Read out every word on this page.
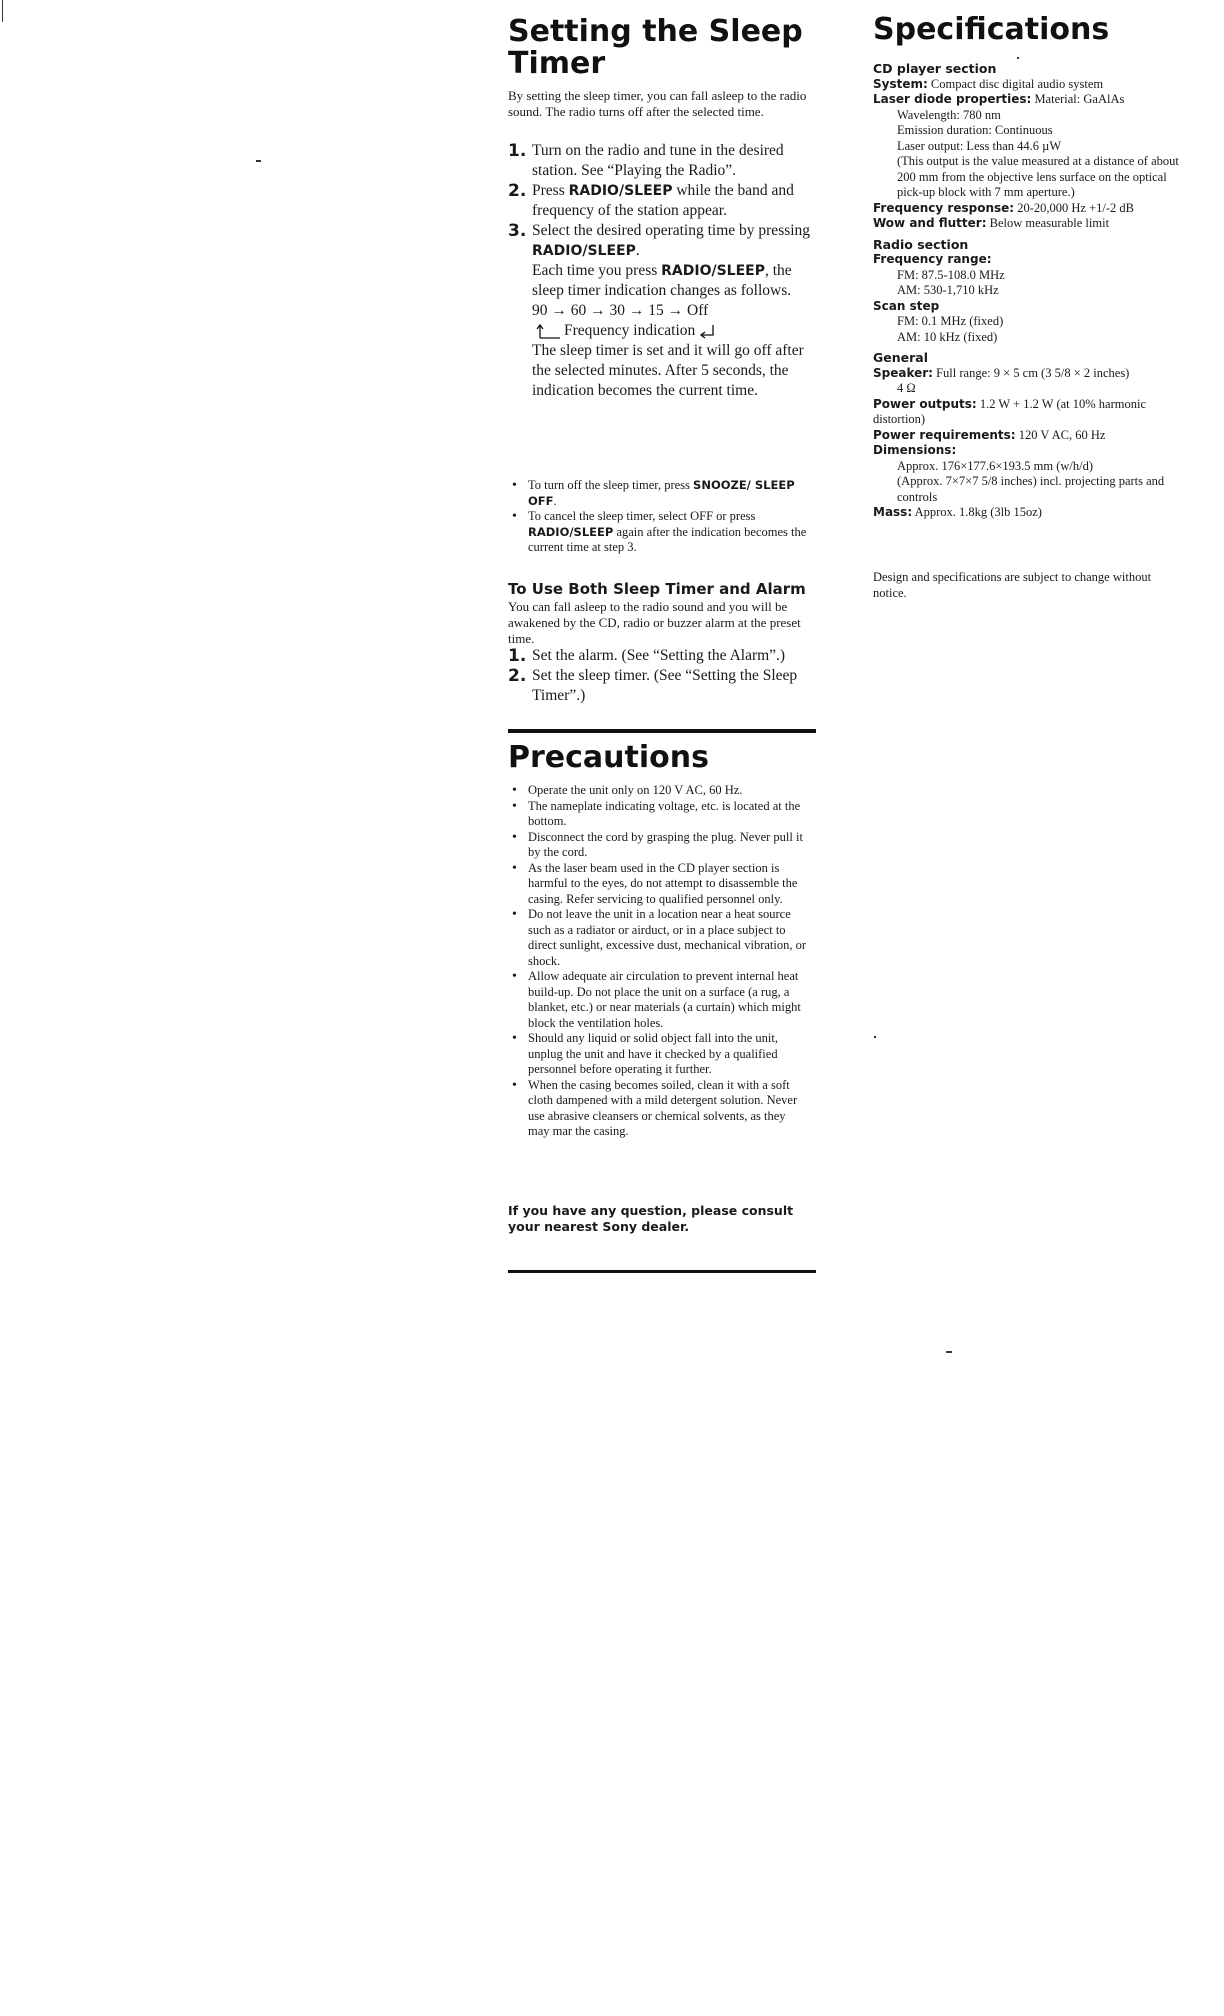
Setting the Sleep Timer
By setting the sleep timer, you can fall asleep to the radio sound. The radio turns off after the selected time.
1. Turn on the radio and tune in the desired station. See “Playing the Radio”.
2. Press RADIO/SLEEP while the band and frequency of the station appear.
3. Select the desired operating time by pressing RADIO/SLEEP.
Each time you press RADIO/SLEEP, the sleep timer indication changes as follows.
90 → 60 → 30 → 15 → Off
Frequency indication
The sleep timer is set and it will go off after the selected minutes. After 5 seconds, the indication becomes the current time.
• To turn off the sleep timer, press SNOOZE/ SLEEP OFF.
• To cancel the sleep timer, select OFF or press RADIO/SLEEP again after the indication becomes the current time at step 3.
To Use Both Sleep Timer and Alarm
You can fall asleep to the radio sound and you will be awakened by the CD, radio or buzzer alarm at the preset time.
1. Set the alarm. (See “Setting the Alarm”.)
2. Set the sleep timer. (See “Setting the Sleep Timer”.)
Precautions
• Operate the unit only on 120 V AC, 60 Hz.
• The nameplate indicating voltage, etc. is located at the bottom.
• Disconnect the cord by grasping the plug. Never pull it by the cord.
• As the laser beam used in the CD player section is harmful to the eyes, do not attempt to disassemble the casing. Refer servicing to qualified personnel only.
• Do not leave the unit in a location near a heat source such as a radiator or airduct, or in a place subject to direct sunlight, excessive dust, mechanical vibration, or shock.
• Allow adequate air circulation to prevent internal heat build-up. Do not place the unit on a surface (a rug, a blanket, etc.) or near materials (a curtain) which might block the ventilation holes.
• Should any liquid or solid object fall into the unit, unplug the unit and have it checked by a qualified personnel before operating it further.
• When the casing becomes soiled, clean it with a soft cloth dampened with a mild detergent solution. Never use abrasive cleansers or chemical solvents, as they may mar the casing.
If you have any question, please consult your nearest Sony dealer.
Specifications

CD player section

System: Compact disc digital audio system

Laser diode properties: Material: GaAlAs

Wavelength: 780 nm

Emission duration: Continuous

Laser output: Less than 44.6 µW

(This output is the value measured at a distance of about 200 mm from the objective lens surface on the optical pick-up block with 7 mm aperture.)

Frequency response: 20-20,000 Hz +1/-2 dB

Wow and flutter: Below measurable limit

Radio section

Frequency range:

FM: 87.5-108.0 MHz

AM: 530-1,710 kHz

Scan step

FM: 0.1 MHz (fixed)

AM: 10 kHz (fixed)

General

Speaker: Full range: 9 × 5 cm (3 5/8 × 2 inches)

4 Ω

Power outputs: 1.2 W + 1.2 W (at 10% harmonic distortion)

Power requirements: 120 V AC, 60 Hz

Dimensions:

Approx. 176×177.6×193.5 mm (w/h/d)

(Approx. 7×7×7 5/8 inches) incl. projecting parts and controls

Mass: Approx. 1.8kg (3lb 15oz)

Design and specifications are subject to change without notice.
